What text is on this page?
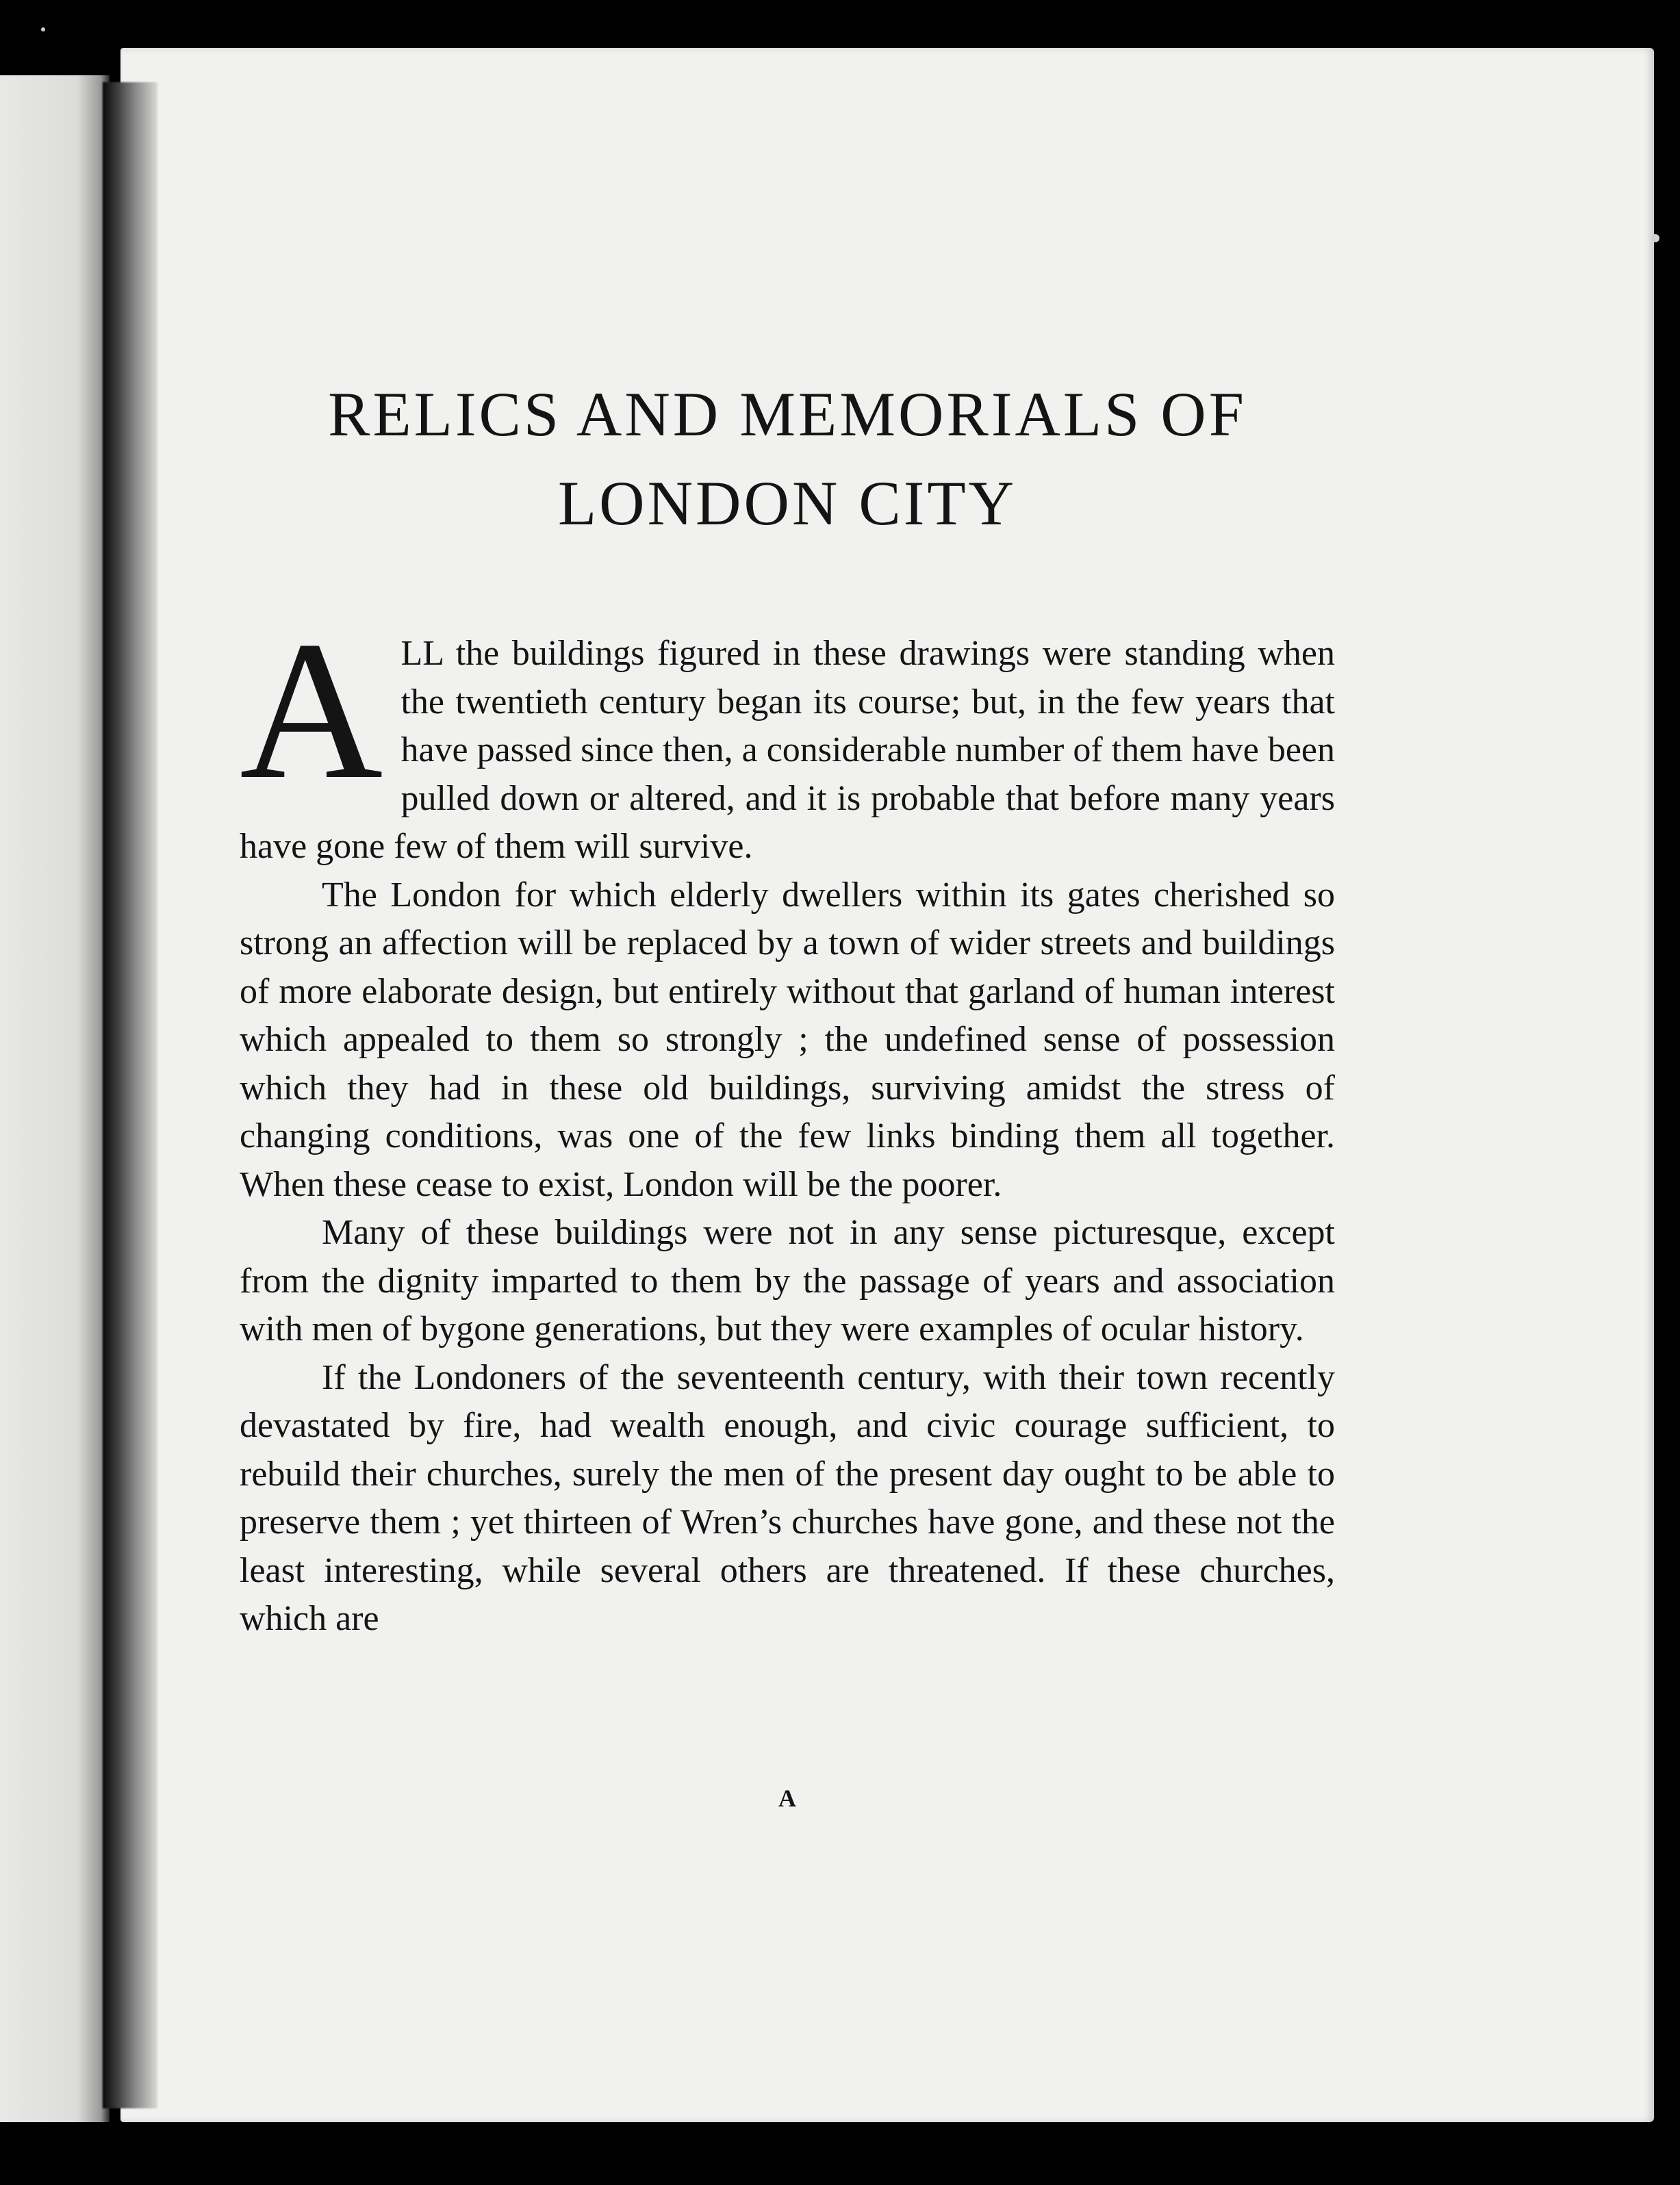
RELICS AND MEMORIALS OF
LONDON CITY

ALL the buildings figured in these drawings were standing when the twentieth century began its course; but, in the few years that have passed since then, a considerable number of them have been pulled down or altered, and it is probable that before many years have gone few of them will survive.

The London for which elderly dwellers within its gates cherished so strong an affection will be replaced by a town of wider streets and buildings of more elaborate design, but entirely without that garland of human interest which appealed to them so strongly ; the undefined sense of possession which they had in these old buildings, surviving amidst the stress of changing conditions, was one of the few links binding them all together. When these cease to exist, London will be the poorer.

Many of these buildings were not in any sense picturesque, except from the dignity imparted to them by the passage of years and association with men of bygone generations, but they were examples of ocular history.

If the Londoners of the seventeenth century, with their town recently devastated by fire, had wealth enough, and civic courage sufficient, to rebuild their churches, surely the men of the present day ought to be able to preserve them ; yet thirteen of Wren’s churches have gone, and these not the least interesting, while several others are threatened. If these churches, which are

A
